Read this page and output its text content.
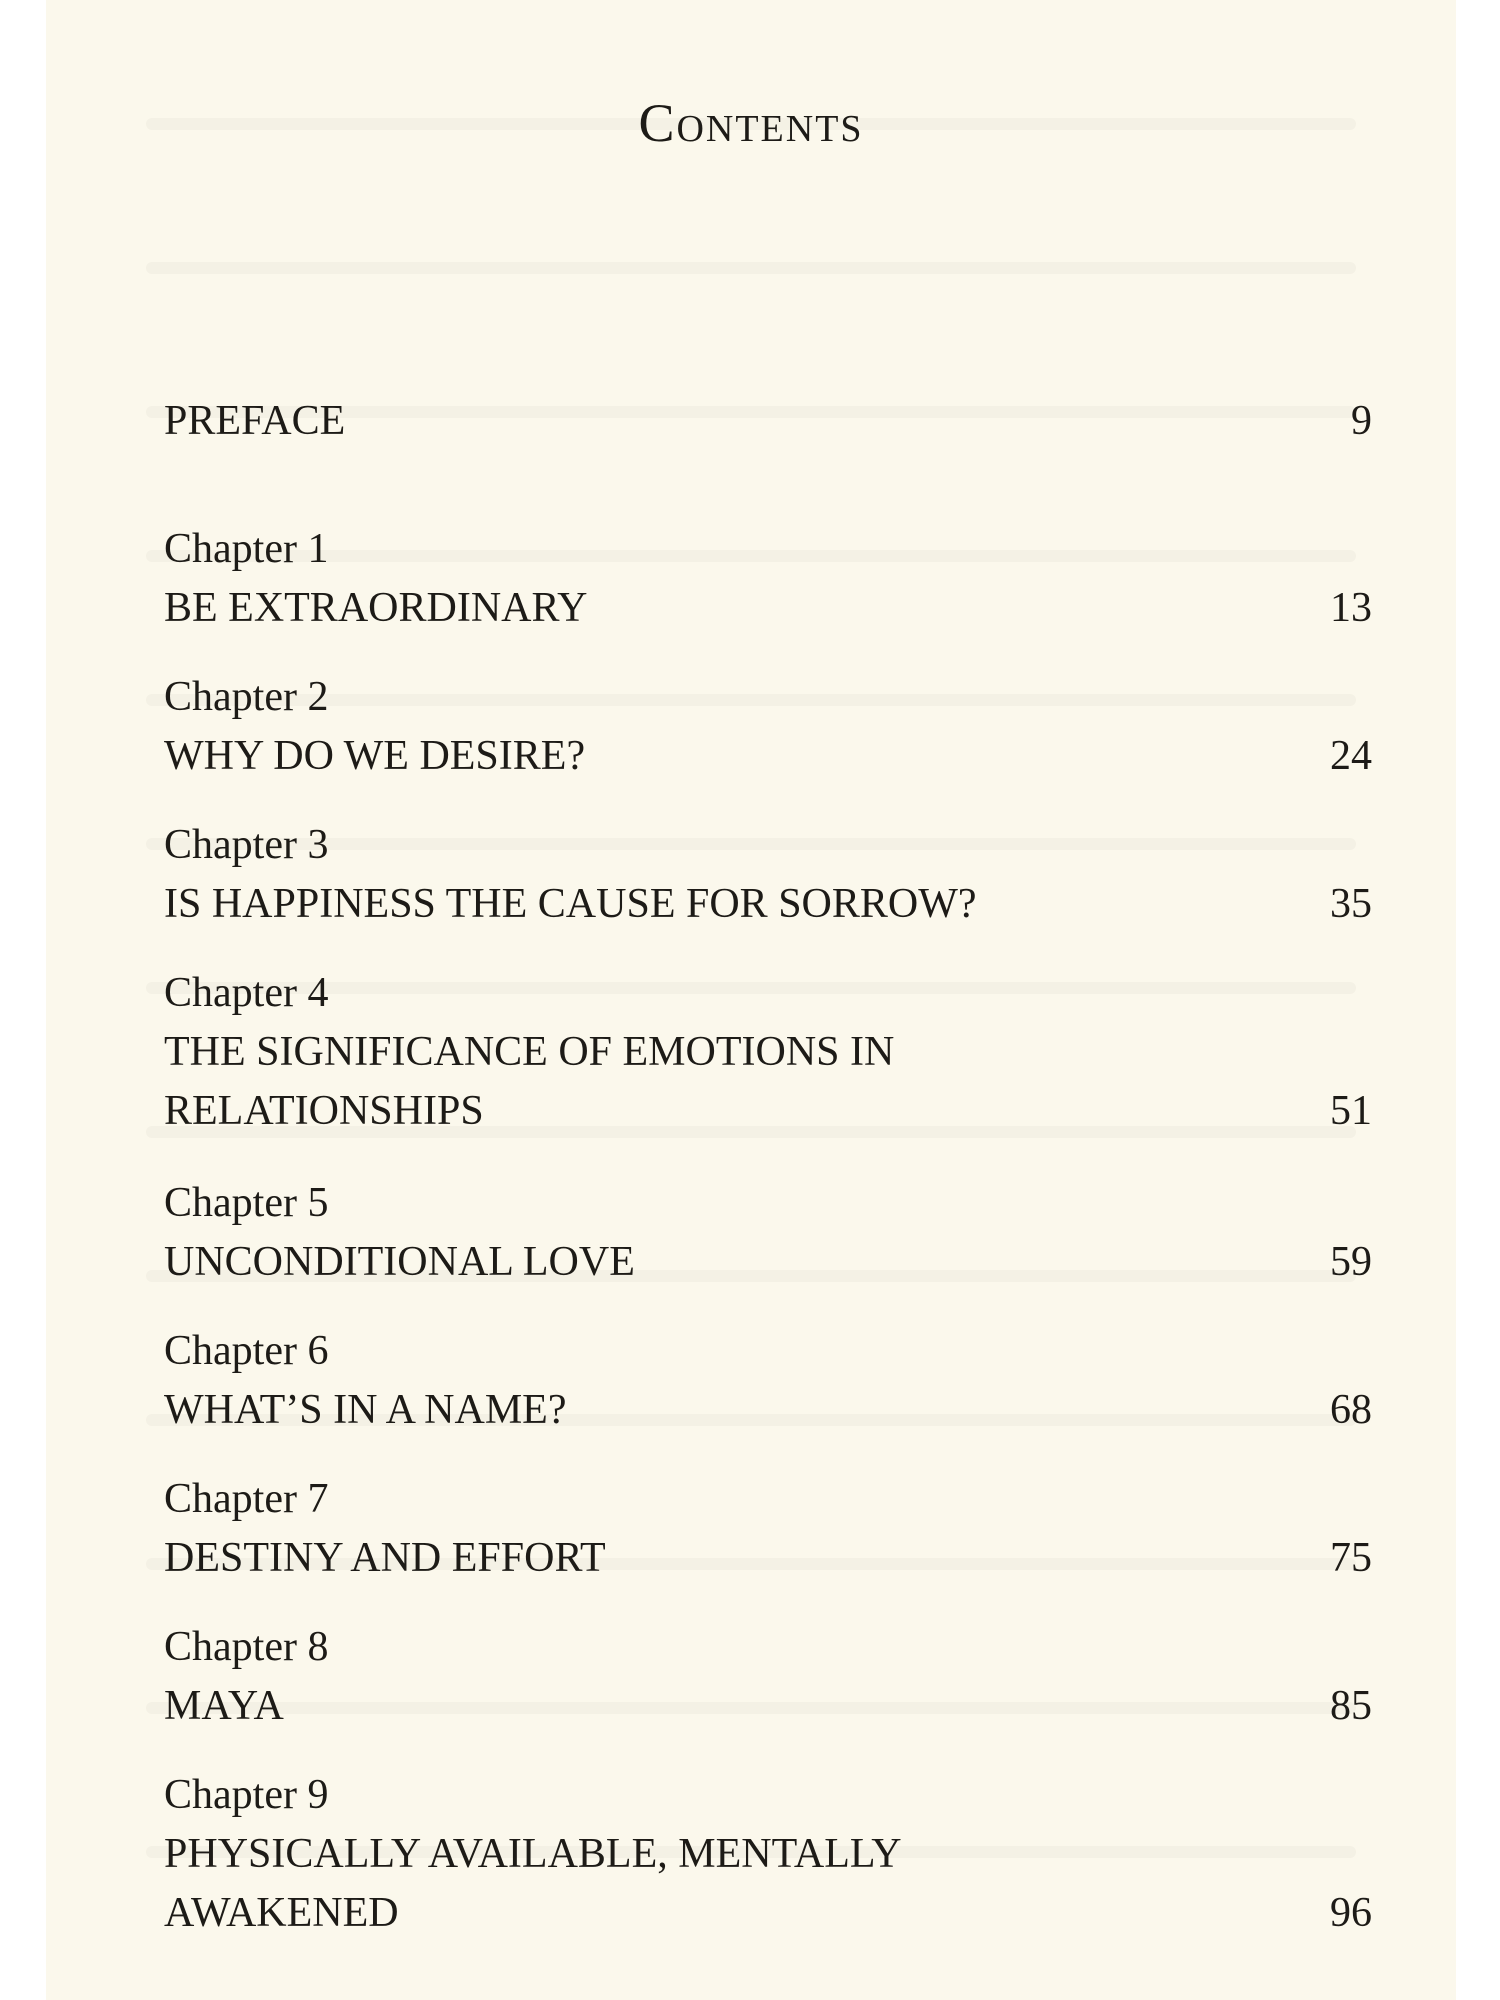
Contents
PREFACE	9
Chapter 1
BE EXTRAORDINARY	13
Chapter 2
WHY DO WE DESIRE?	24
Chapter 3
IS HAPPINESS THE CAUSE FOR SORROW?	35
Chapter 4
THE SIGNIFICANCE OF EMOTIONS IN RELATIONSHIPS	51
Chapter 5
UNCONDITIONAL LOVE	59
Chapter 6
WHAT’S IN A NAME?	68
Chapter 7
DESTINY AND EFFORT	75
Chapter 8
MAYA	85
Chapter 9
PHYSICALLY AVAILABLE, MENTALLY AWAKENED	96
